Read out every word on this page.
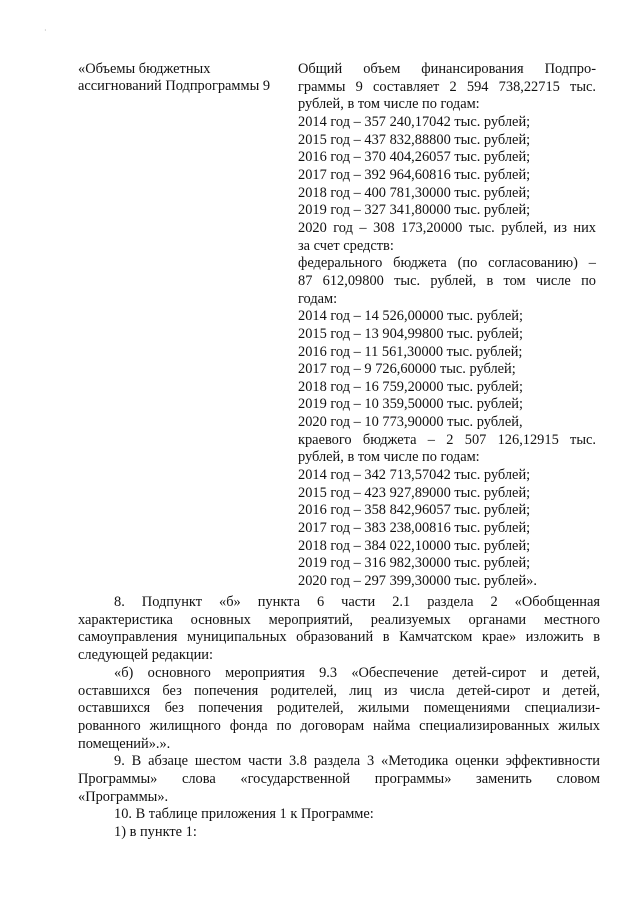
·
«Объемы бюджетных
ассигнований Подпрограммы 9
Общий объем финансирования Подпро-
граммы 9 составляет 2 594 738,22715 тыс.
рублей, в том числе по годам:
2014 год – 357 240,17042 тыс. рублей;
2015 год – 437 832,88800 тыс. рублей;
2016 год – 370 404,26057 тыс. рублей;
2017 год – 392 964,60816 тыс. рублей;
2018 год – 400 781,30000 тыс. рублей;
2019 год – 327 341,80000 тыс. рублей;
2020 год – 308 173,20000 тыс. рублей, из них
за счет средств:
федерального бюджета (по согласованию) –
87 612,09800 тыс. рублей, в том числе по
годам:
2014 год – 14 526,00000 тыс. рублей;
2015 год – 13 904,99800 тыс. рублей;
2016 год – 11 561,30000 тыс. рублей;
2017 год – 9 726,60000 тыс. рублей;
2018 год – 16 759,20000 тыс. рублей;
2019 год – 10 359,50000 тыс. рублей;
2020 год – 10 773,90000 тыс. рублей,
краевого бюджета – 2 507 126,12915 тыс.
рублей, в том числе по годам:
2014 год – 342 713,57042 тыс. рублей;
2015 год – 423 927,89000 тыс. рублей;
2016 год – 358 842,96057 тыс. рублей;
2017 год – 383 238,00816 тыс. рублей;
2018 год – 384 022,10000 тыс. рублей;
2019 год – 316 982,30000 тыс. рублей;
2020 год – 297 399,30000 тыс. рублей».
8. Подпункт «б» пункта 6 части 2.1 раздела 2 «Обобщенная
характеристика основных мероприятий, реализуемых органами местного
самоуправления муниципальных образований в Камчатском крае» изложить в
следующей редакции:
«б) основного мероприятия 9.3 «Обеспечение детей-сирот и детей,
оставшихся без попечения родителей, лиц из числа детей-сирот и детей,
оставшихся без попечения родителей, жилыми помещениями специализи-
рованного жилищного фонда по договорам найма специализированных жилых
помещений».».
9. В абзаце шестом части 3.8 раздела 3 «Методика оценки эффективности
Программы» слова «государственной программы» заменить словом
«Программы».
10. В таблице приложения 1 к Программе:
1) в пункте 1:
